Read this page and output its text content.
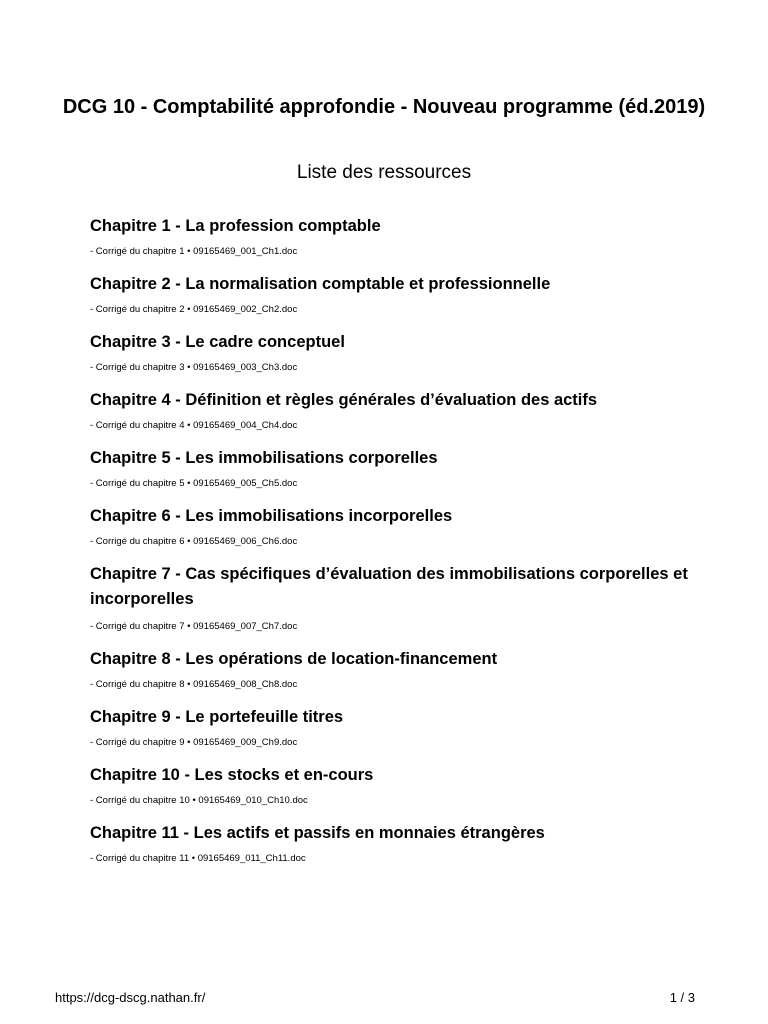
DCG 10 - Comptabilité approfondie - Nouveau programme (éd.2019)

Liste des ressources

Chapitre 1 - La profession comptable

- Corrigé du chapitre 1 • 09165469_001_Ch1.doc

Chapitre 2 - La normalisation comptable et professionnelle

- Corrigé du chapitre 2 • 09165469_002_Ch2.doc

Chapitre 3 - Le cadre conceptuel

- Corrigé du chapitre 3 • 09165469_003_Ch3.doc

Chapitre 4 - Définition et règles générales d’évaluation des actifs

- Corrigé du chapitre 4 • 09165469_004_Ch4.doc

Chapitre 5 - Les immobilisations corporelles

- Corrigé du chapitre 5 • 09165469_005_Ch5.doc

Chapitre 6 - Les immobilisations incorporelles

- Corrigé du chapitre 6 • 09165469_006_Ch6.doc

Chapitre 7 - Cas spécifiques d’évaluation des immobilisations corporelles et incorporelles

- Corrigé du chapitre 7 • 09165469_007_Ch7.doc

Chapitre 8 - Les opérations de location-financement

- Corrigé du chapitre 8 • 09165469_008_Ch8.doc

Chapitre 9 - Le portefeuille titres

- Corrigé du chapitre 9 • 09165469_009_Ch9.doc

Chapitre 10 - Les stocks et en-cours

- Corrigé du chapitre 10 • 09165469_010_Ch10.doc

Chapitre 11 - Les actifs et passifs en monnaies étrangères

- Corrigé du chapitre 11 • 09165469_011_Ch11.doc

https://dcg-dscg.nathan.fr/	1 / 3
